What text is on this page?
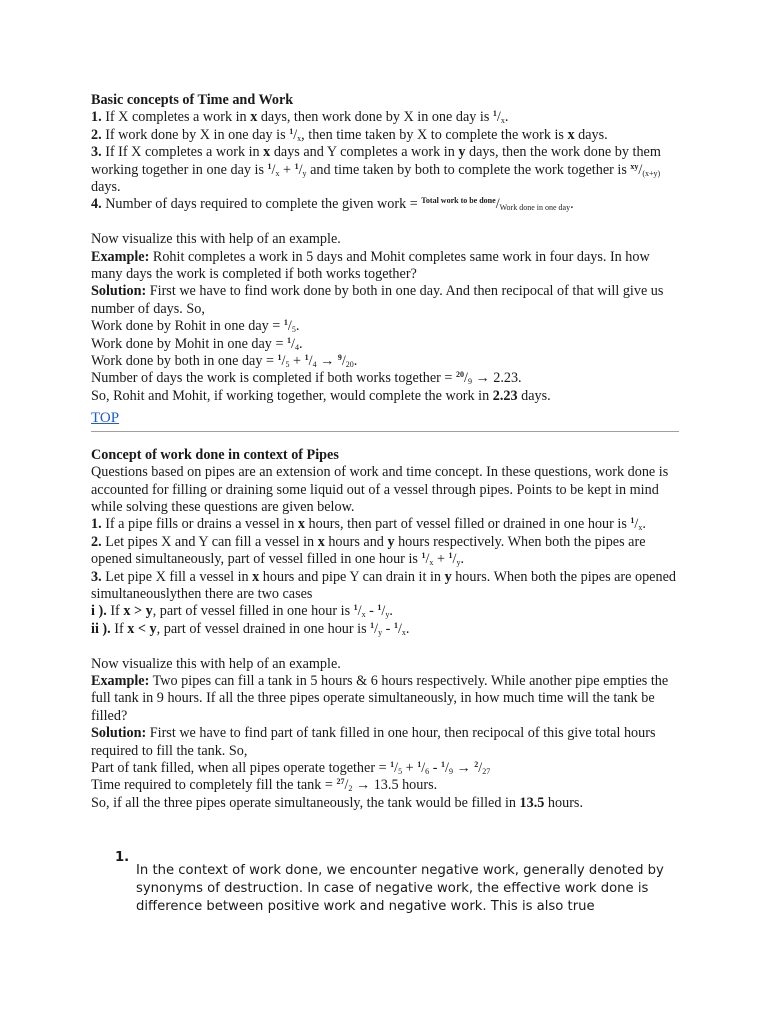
Basic concepts of Time and Work

1. If X completes a work in x days, then work done by X in one day is $^1/_x$.

2. If work done by X in one day is $^1/_x$, then time taken by X to complete the work is x days.

3. If If X completes a work in x days and Y completes a work in y days, then the work done by them working together in one day is $^1/_x + ^1/_y$ and time taken by both to complete the work together is $^{xy}/_{(x+y)}$ days.

4. Number of days required to complete the given work = $^{Total work to be done}/_{Work done in one day}$.

Now visualize this with help of an example.

Example: Rohit completes a work in 5 days and Mohit completes same work in four days. In how many days the work is completed if both works together?

Solution: First we have to find work done by both in one day. And then recipocal of that will give us number of days. So,

Work done by Rohit in one day = $^1/_5$.

Work done by Mohit in one day = $^1/_4$.

Work done by both in one day = $^1/_5 + ^1/_4 \to ^9/_{20}$.

Number of days the work is completed if both works together = $^{20}/_9 \to 2.23$.

So, Rohit and Mohit, if working together, would complete the work in 2.23 days.

TOP

Concept of work done in context of Pipes

Questions based on pipes are an extension of work and time concept. In these questions, work done is accounted for filling or draining some liquid out of a vessel through pipes. Points to be kept in mind while solving these questions are given below.

1. If a pipe fills or drains a vessel in x hours, then part of vessel filled or drained in one hour is $^1/_x$.

2. Let pipes X and Y can fill a vessel in x hours and y hours respectively. When both the pipes are opened simultaneously, part of vessel filled in one hour is $^1/_x + ^1/_y$.

3. Let pipe X fill a vessel in x hours and pipe Y can drain it in y hours. When both the pipes are opened simultaneouslythen there are two cases

i ). If x > y, part of vessel filled in one hour is $^1/_x - ^1/_y$.

ii ). If x < y, part of vessel drained in one hour is $^1/_y - ^1/_x$.

Now visualize this with help of an example.

Example: Two pipes can fill a tank in 5 hours & 6 hours respectively. While another pipe empties the full tank in 9 hours. If all the three pipes operate simultaneously, in how much time will the tank be filled?

Solution: First we have to find part of tank filled in one hour, then recipocal of this give total hours required to fill the tank. So,

Part of tank filled, when all pipes operate together = $^1/_5 + ^1/_6 - ^1/_9 \to ^2/_{27}$

Time required to completely fill the $\tan k = ^{27}/_2 \to 13.5$ hours.

So, if all the three pipes operate simultaneously, the tank would be filled in 13.5 hours.

1.

In the context of work done, we encounter negative work, generally denoted by synonyms of destruction. In case of negative work, the effective work done is difference between positive work and negative work. This is also true
